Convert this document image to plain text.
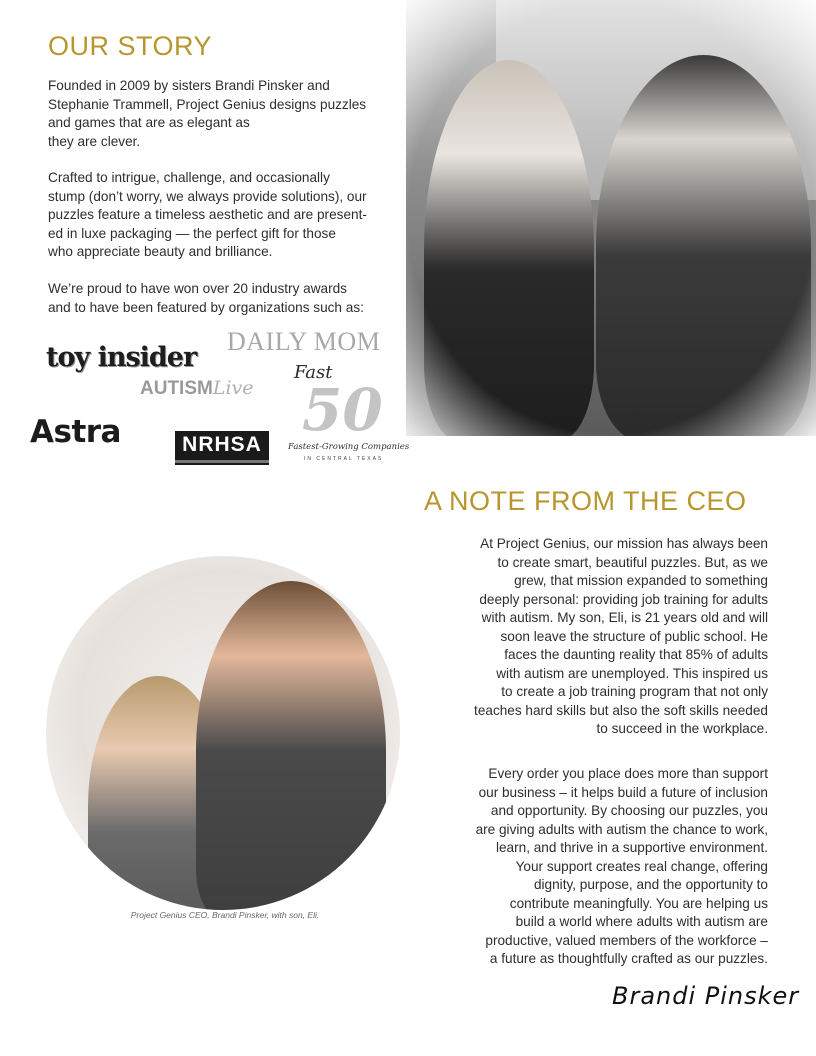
OUR STORY

Founded in 2009 by sisters Brandi Pinsker and
Stephanie Trammell, Project Genius designs puzzles
and games that are as elegant as
they are clever.

Crafted to intrigue, challenge, and occasionally
stump (don’t worry, we always provide solutions), our
puzzles feature a timeless aesthetic and are present-
ed in luxe packaging — the perfect gift for those
who appreciate beauty and brilliance.

We’re proud to have won over 20 industry awards
and to have been featured by organizations such as:

toy insider
DAILY MOM
AUTISMLive
Astra	NRHSA
Fast
50
Fastest-Growing Companies
IN CENTRAL TEXAS
A NOTE FROM THE CEO

At Project Genius, our mission has always been
to create smart, beautiful puzzles. But, as we
grew, that mission expanded to something
deeply personal: providing job training for adults
with autism. My son, Eli, is 21 years old and will
soon leave the structure of public school. He
faces the daunting reality that 85% of adults
with autism are unemployed. This inspired us
to create a job training program that not only
teaches hard skills but also the soft skills needed
to succeed in the workplace.

Every order you place does more than support
our business – it helps build a future of inclusion
and opportunity. By choosing our puzzles, you
are giving adults with autism the chance to work,
learn, and thrive in a supportive environment.
Your support creates real change, offering
dignity, purpose, and the opportunity to
contribute meaningfully. You are helping us
build a world where adults with autism are
productive, valued members of the workforce –
a future as thoughtfully crafted as our puzzles.

Project Genius CEO, Brandi Pinsker, with son, Eli.
Brandi Pinsker
